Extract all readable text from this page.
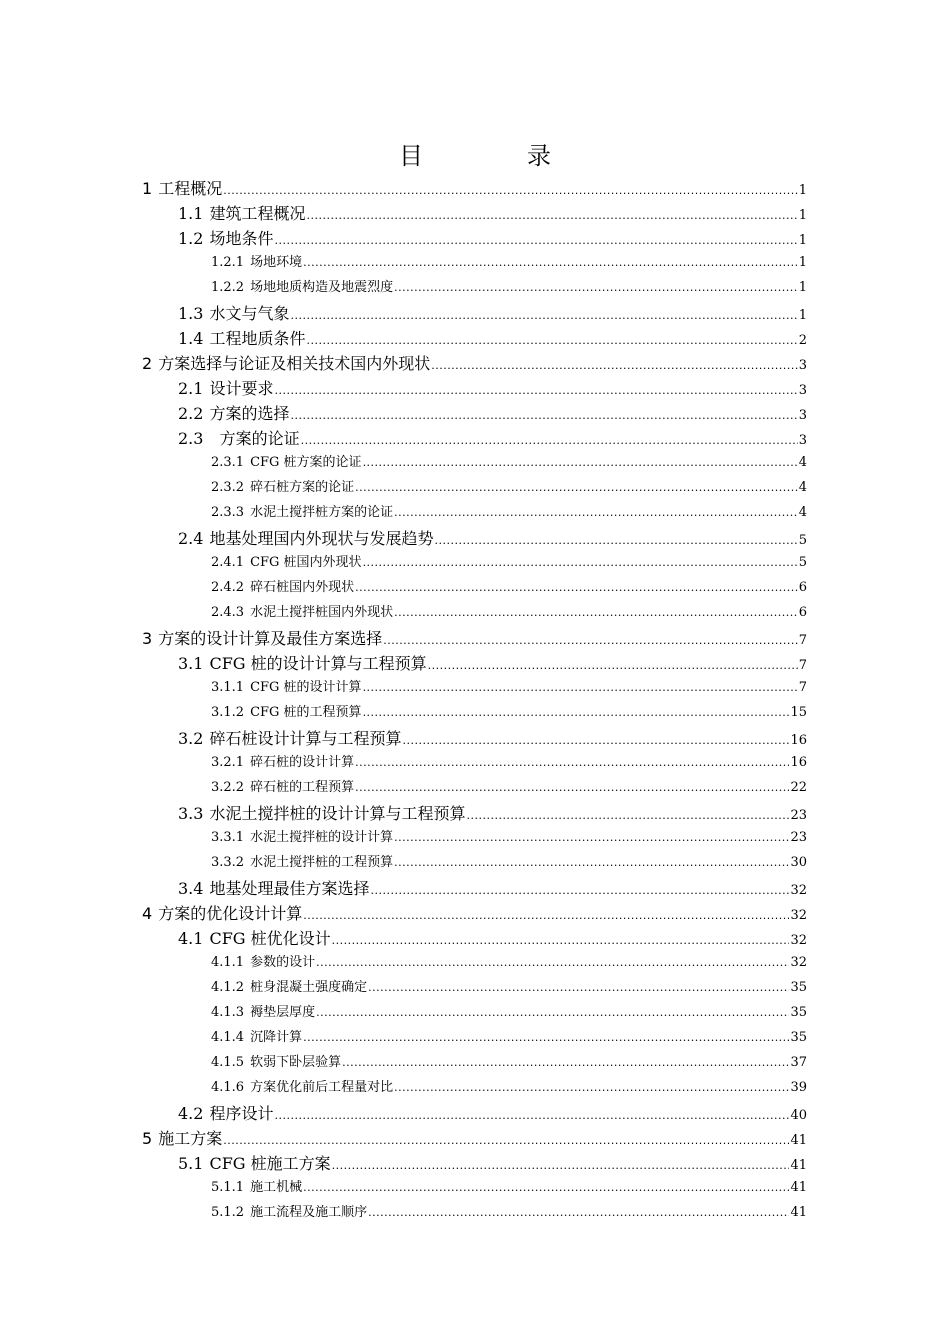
目　录
1 工程概况 .....	1
1.1 建筑工程概况 .....	1
1.2 场地条件 .....	1
1.2.1 场地环境 .....	1
1.2.2 场地地质构造及地震烈度 .....	1
1.3 水文与气象 .....	1
1.4 工程地质条件 .....	2
2 方案选择与论证及相关技术国内外现状 .....	3
2.1 设计要求 .....	3
2.2 方案的选择 .....	3
2.3 方案的论证 .....	3
2.3.1 CFG 桩方案的论证 .....	4
2.3.2 碎石桩方案的论证 .....	4
2.3.3 水泥土搅拌桩方案的论证 .....	4
2.4 地基处理国内外现状与发展趋势 .....	5
2.4.1 CFG 桩国内外现状 .....	5
2.4.2 碎石桩国内外现状 .....	6
2.4.3 水泥土搅拌桩国内外现状 .....	6
3 方案的设计计算及最佳方案选择 .....	7
3.1 CFG 桩的设计计算与工程预算 .....	7
3.1.1 CFG 桩的设计计算 .....	7
3.1.2 CFG 桩的工程预算 .....	15
3.2 碎石桩设计计算与工程预算 .....	16
3.2.1 碎石桩的设计计算 .....	16
3.2.2 碎石桩的工程预算 .....	22
3.3 水泥土搅拌桩的设计计算与工程预算 .....	23
3.3.1 水泥土搅拌桩的设计计算 .....	23
3.3.2 水泥土搅拌桩的工程预算 .....	30
3.4 地基处理最佳方案选择 .....	32
4 方案的优化设计计算 .....	32
4.1 CFG 桩优化设计 .....	32
4.1.1 参数的设计 .....	32
4.1.2 桩身混凝土强度确定 .....	35
4.1.3 褥垫层厚度 .....	35
4.1.4 沉降计算 .....	35
4.1.5 软弱下卧层验算 .....	37
4.1.6 方案优化前后工程量对比 .....	39
4.2 程序设计 .....	40
5 施工方案 .....	41
5.1 CFG 桩施工方案 .....	41
5.1.1 施工机械 .....	41
5.1.2 施工流程及施工顺序 .....	41
